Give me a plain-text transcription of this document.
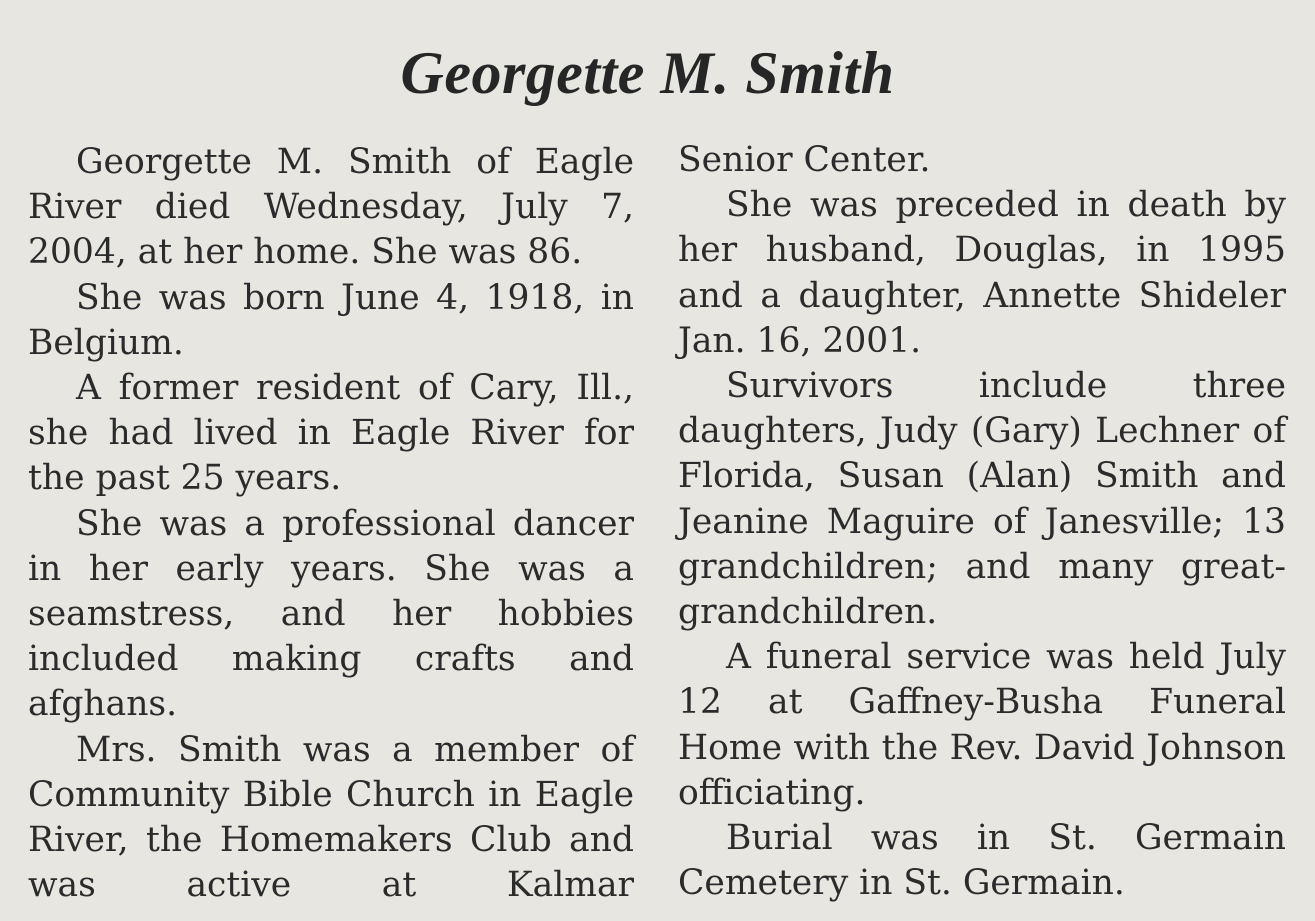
Georgette M. Smith

Georgette M. Smith of Eagle River died Wednesday, July 7, 2004, at her home. She was 86.

She was born June 4, 1918, in Belgium.

A former resident of Cary, Ill., she had lived in Eagle River for the past 25 years.

She was a professional dancer in her early years. She was a seamstress, and her hobbies included making crafts and afghans.

Mrs. Smith was a member of Community Bible Church in Eagle River, the Homemakers Club and was active at Kalmar

Senior Center.

She was preceded in death by her husband, Douglas, in 1995 and a daughter, Annette Shideler Jan. 16, 2001.

Survivors include three daughters, Judy (Gary) Lechner of Florida, Susan (Alan) Smith and Jeanine Maguire of Janesville; 13 grandchildren; and many great-grandchildren.

A funeral service was held July 12 at Gaffney-Busha Funeral Home with the Rev. David Johnson officiating.

Burial was in St. Germain Cemetery in St. Germain.
